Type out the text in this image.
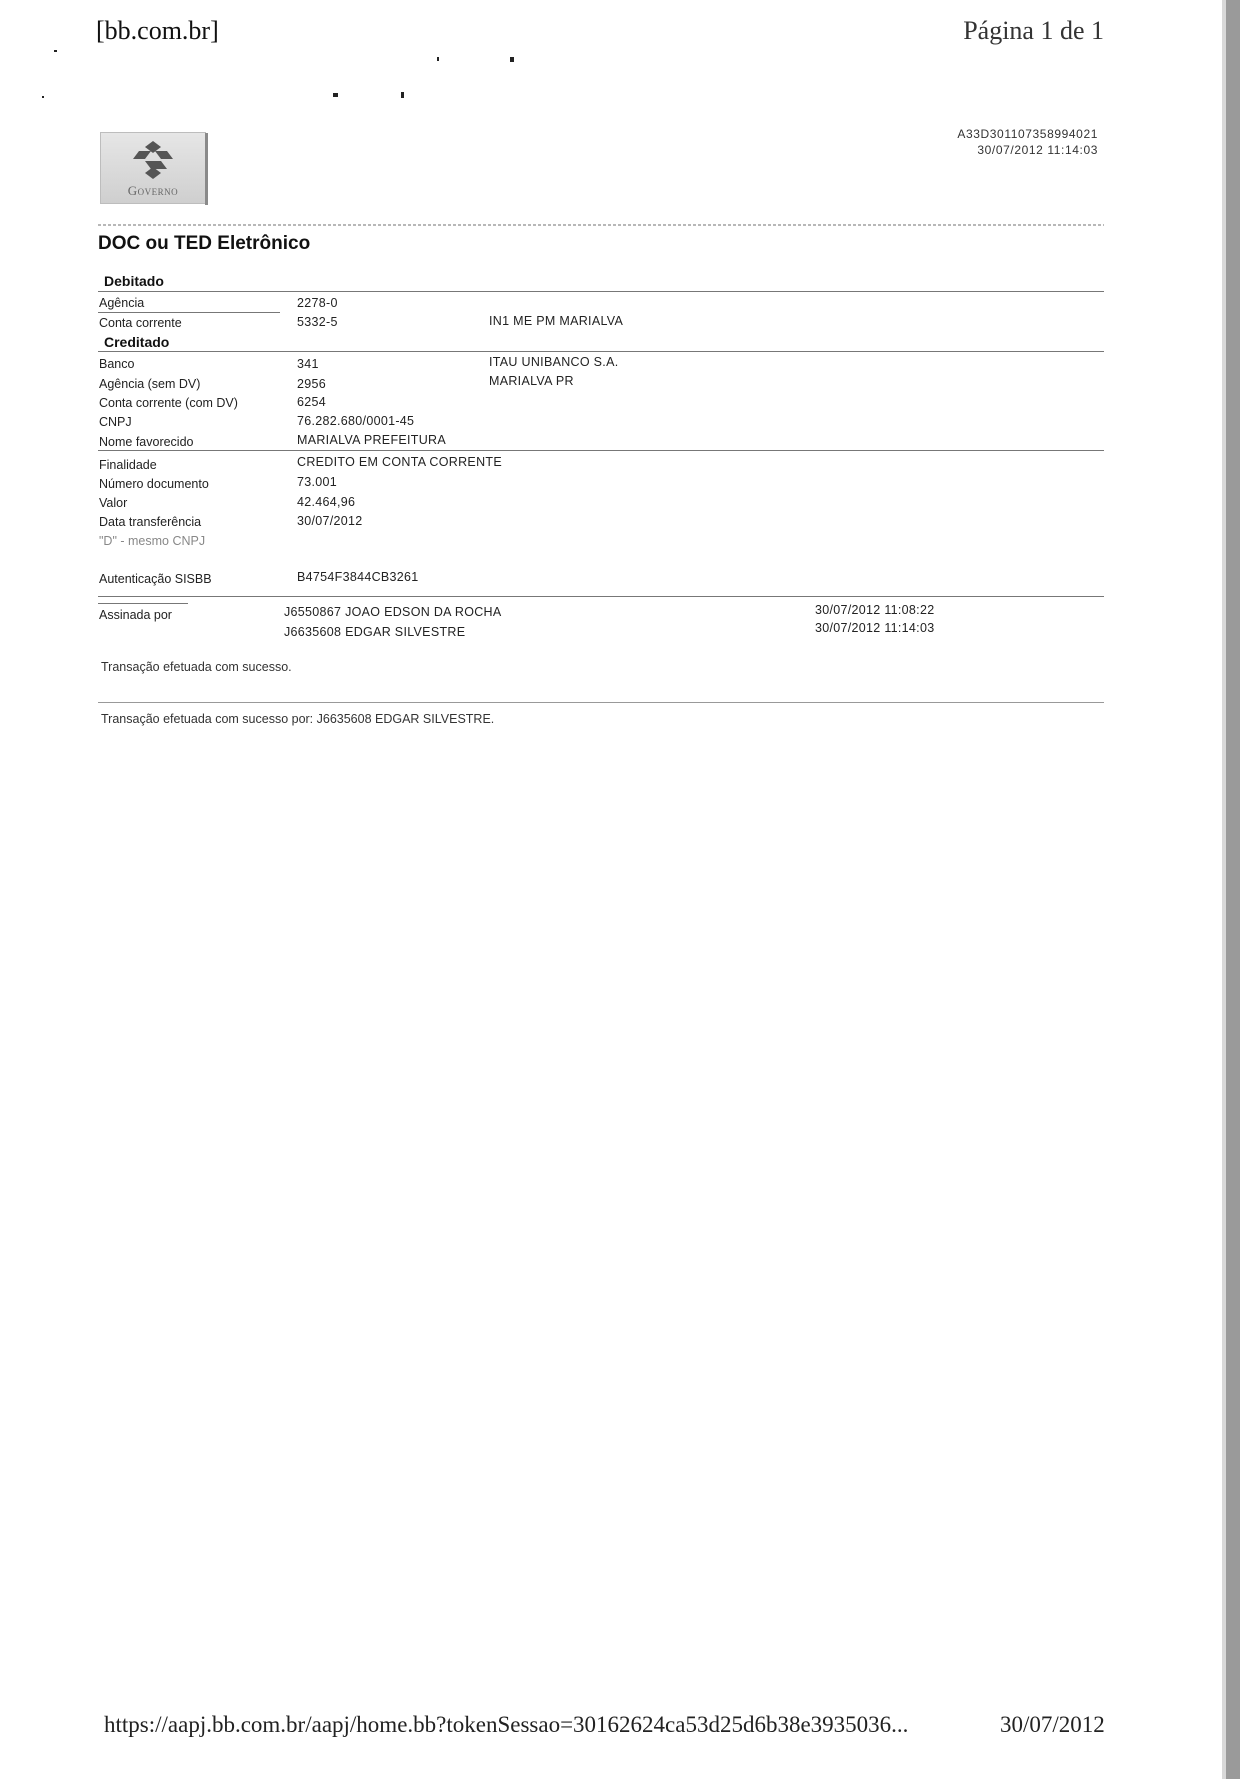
[bb.com.br]	Página 1 de 1
Governo
A33D301107358994021
30/07/2012 11:14:03
DOC ou TED Eletrônico
Debitado
Agência	2278-0
Conta corrente	5332-5	IN1 ME PM MARIALVA
Creditado
Banco	341	ITAU UNIBANCO S.A.
Agência (sem DV)	2956	MARIALVA PR
Conta corrente (com DV)	6254
CNPJ	76.282.680/0001-45
Nome favorecido	MARIALVA PREFEITURA
Finalidade	CREDITO EM CONTA CORRENTE
Número documento	73.001
Valor	42.464,96
Data transferência	30/07/2012
"D" - mesmo CNPJ
Autenticação SISBB	B4754F3844CB3261
Assinada por	J6550867 JOAO EDSON DA ROCHA	30/07/2012 11:08:22
J6635608 EDGAR SILVESTRE	30/07/2012 11:14:03
Transação efetuada com sucesso.
Transação efetuada com sucesso por: J6635608 EDGAR SILVESTRE.
https://aapj.bb.com.br/aapj/home.bb?tokenSessao=30162624ca53d25d6b38e3935036...	30/07/2012
